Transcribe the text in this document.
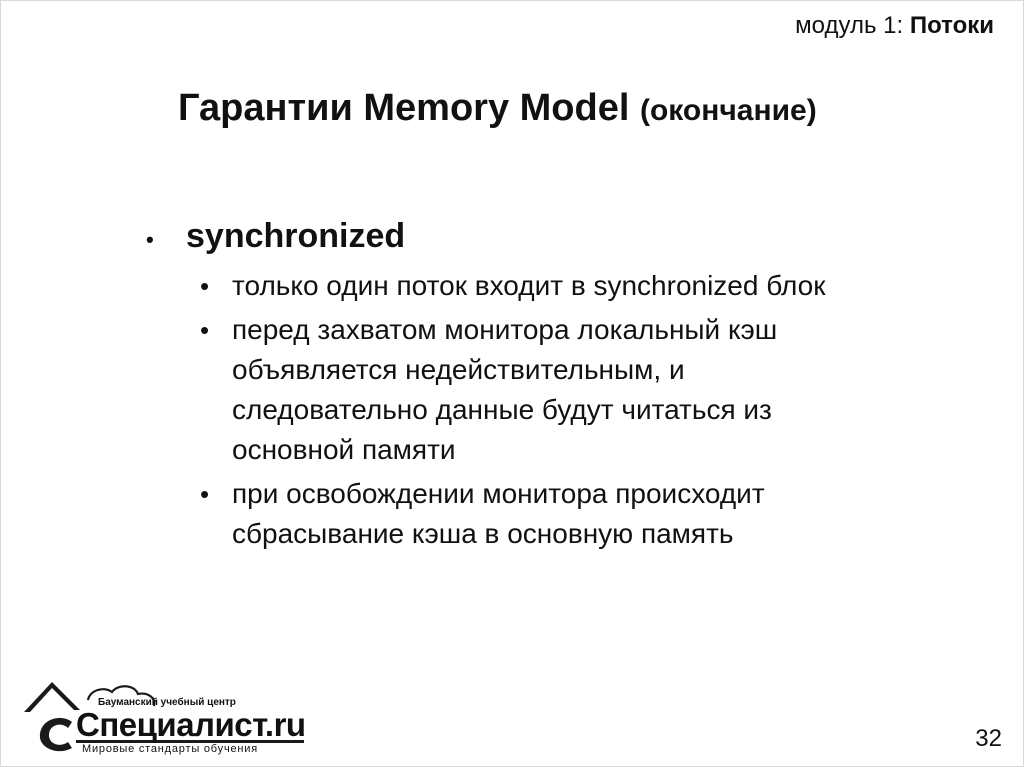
модуль 1: Потоки
Гарантии Memory Model (окончание)
• synchronized
• только один поток входит в synchronized блок
• перед захватом монитора локальный кэш
объявляется недействительным, и
следовательно данные будут читаться из
основной памяти
• при освобождении монитора происходит
сбрасывание кэша в основную память
Бауманский учебный центр
Специалист.ru
Мировые стандарты обучения	32
